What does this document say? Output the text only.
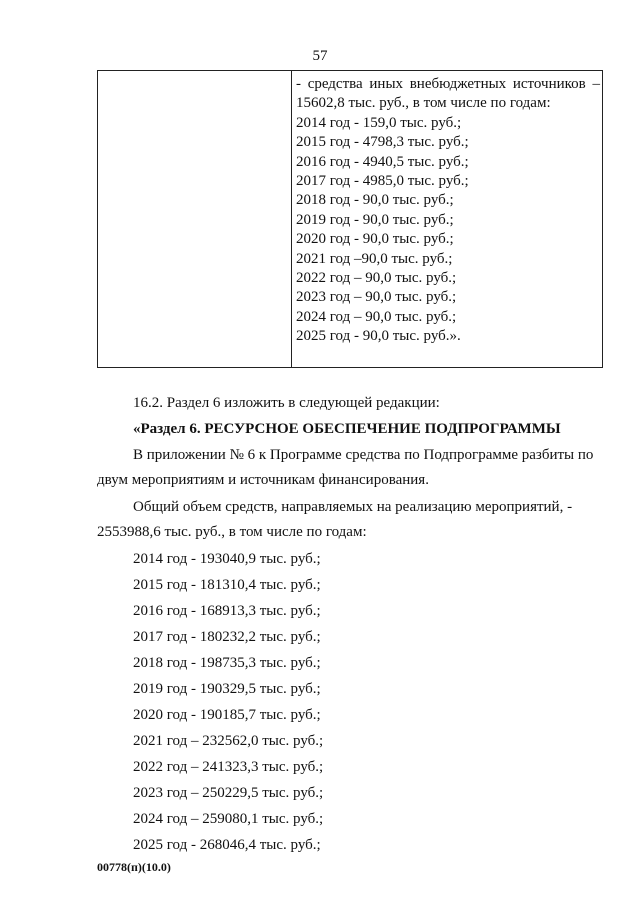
57
- средства иных внебюджетных источников –
15602,8 тыс. руб., в том числе по годам:
2014 год - 159,0 тыс. руб.;
2015 год - 4798,3 тыс. руб.;
2016 год - 4940,5 тыс. руб.;
2017 год - 4985,0 тыс. руб.;
2018 год - 90,0 тыс. руб.;
2019 год - 90,0 тыс. руб.;
2020 год - 90,0 тыс. руб.;
2021 год –90,0 тыс. руб.;
2022 год – 90,0 тыс. руб.;
2023 год – 90,0 тыс. руб.;
2024 год – 90,0 тыс. руб.;
2025 год - 90,0 тыс. руб.».
16.2. Раздел 6 изложить в следующей редакции:
«Раздел 6. РЕСУРСНОЕ ОБЕСПЕЧЕНИЕ ПОДПРОГРАММЫ
В приложении № 6 к Программе средства по Подпрограмме разбиты по
двум мероприятиям и источникам финансирования.
Общий объем средств, направляемых на реализацию мероприятий, -
2553988,6 тыс. руб., в том числе по годам:
2014 год - 193040,9 тыс. руб.;
2015 год - 181310,4 тыс. руб.;
2016 год - 168913,3 тыс. руб.;
2017 год - 180232,2 тыс. руб.;
2018 год - 198735,3 тыс. руб.;
2019 год - 190329,5 тыс. руб.;
2020 год - 190185,7 тыс. руб.;
2021 год – 232562,0 тыс. руб.;
2022 год – 241323,3 тыс. руб.;
2023 год – 250229,5 тыс. руб.;
2024 год – 259080,1 тыс. руб.;
2025 год - 268046,4 тыс. руб.;
00778(п)(10.0)
